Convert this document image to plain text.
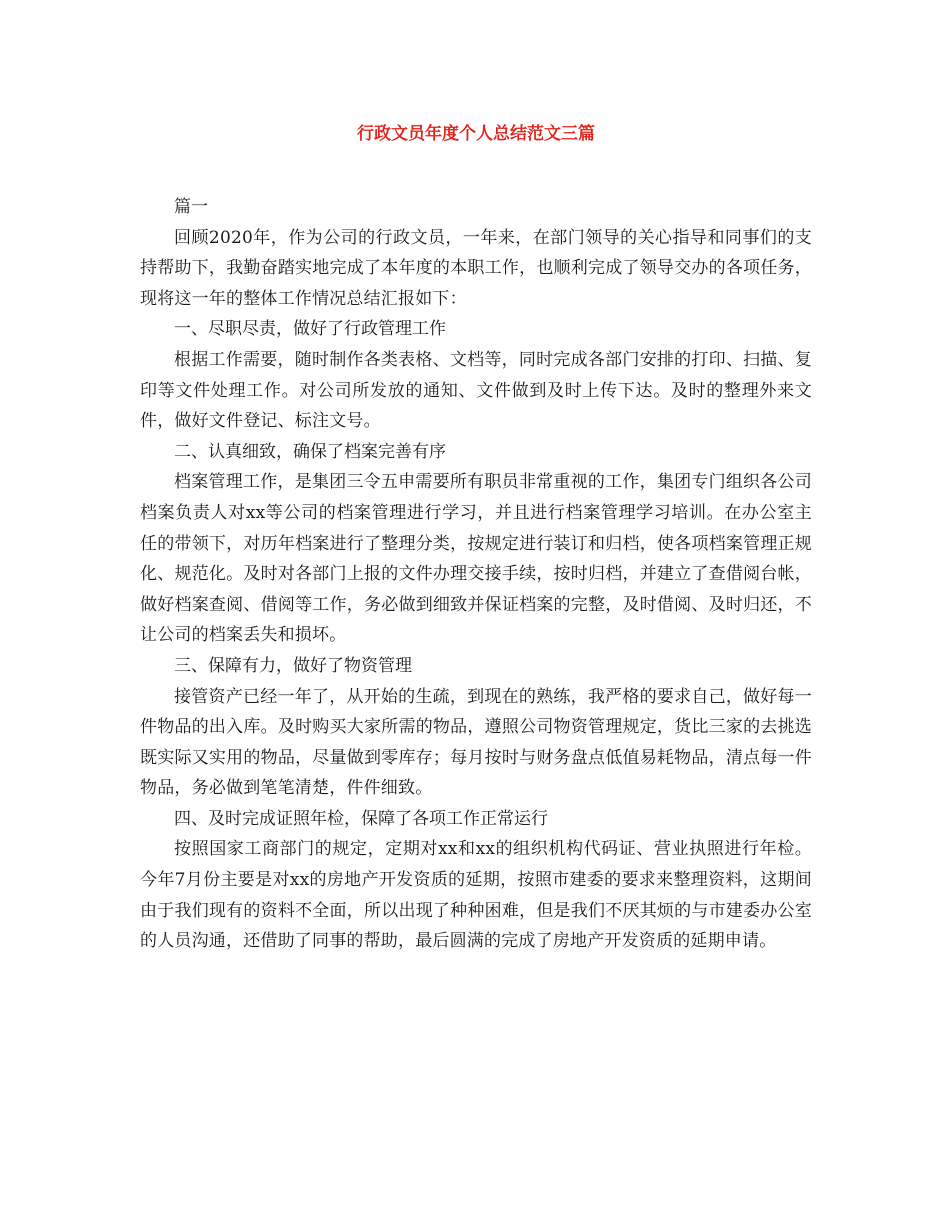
行政文员年度个人总结范文三篇

篇一

回顾2020年，作为公司的行政文员，一年来，在部门领导的关心指导和同事们的支持帮助下，我勤奋踏实地完成了本年度的本职工作，也顺利完成了领导交办的各项任务，现将这一年的整体工作情况总结汇报如下：

一、尽职尽责，做好了行政管理工作

根据工作需要，随时制作各类表格、文档等，同时完成各部门安排的打印、扫描、复印等文件处理工作。对公司所发放的通知、文件做到及时上传下达。及时的整理外来文件，做好文件登记、标注文号。

二、认真细致，确保了档案完善有序

档案管理工作，是集团三令五申需要所有职员非常重视的工作，集团专门组织各公司档案负责人对xx等公司的档案管理进行学习，并且进行档案管理学习培训。在办公室主任的带领下，对历年档案进行了整理分类，按规定进行装订和归档，使各项档案管理正规化、规范化。及时对各部门上报的文件办理交接手续，按时归档，并建立了查借阅台帐，做好档案查阅、借阅等工作，务必做到细致并保证档案的完整，及时借阅、及时归还，不让公司的档案丢失和损坏。

三、保障有力，做好了物资管理

接管资产已经一年了，从开始的生疏，到现在的熟练，我严格的要求自己，做好每一件物品的出入库。及时购买大家所需的物品，遵照公司物资管理规定，货比三家的去挑选既实际又实用的物品，尽量做到零库存；每月按时与财务盘点低值易耗物品，清点每一件物品，务必做到笔笔清楚，件件细致。

四、及时完成证照年检，保障了各项工作正常运行

按照国家工商部门的规定，定期对xx和xx的组织机构代码证、营业执照进行年检。今年7月份主要是对xx的房地产开发资质的延期，按照市建委的要求来整理资料，这期间由于我们现有的资料不全面，所以出现了种种困难，但是我们不厌其烦的与市建委办公室的人员沟通，还借助了同事的帮助，最后圆满的完成了房地产开发资质的延期申请。
